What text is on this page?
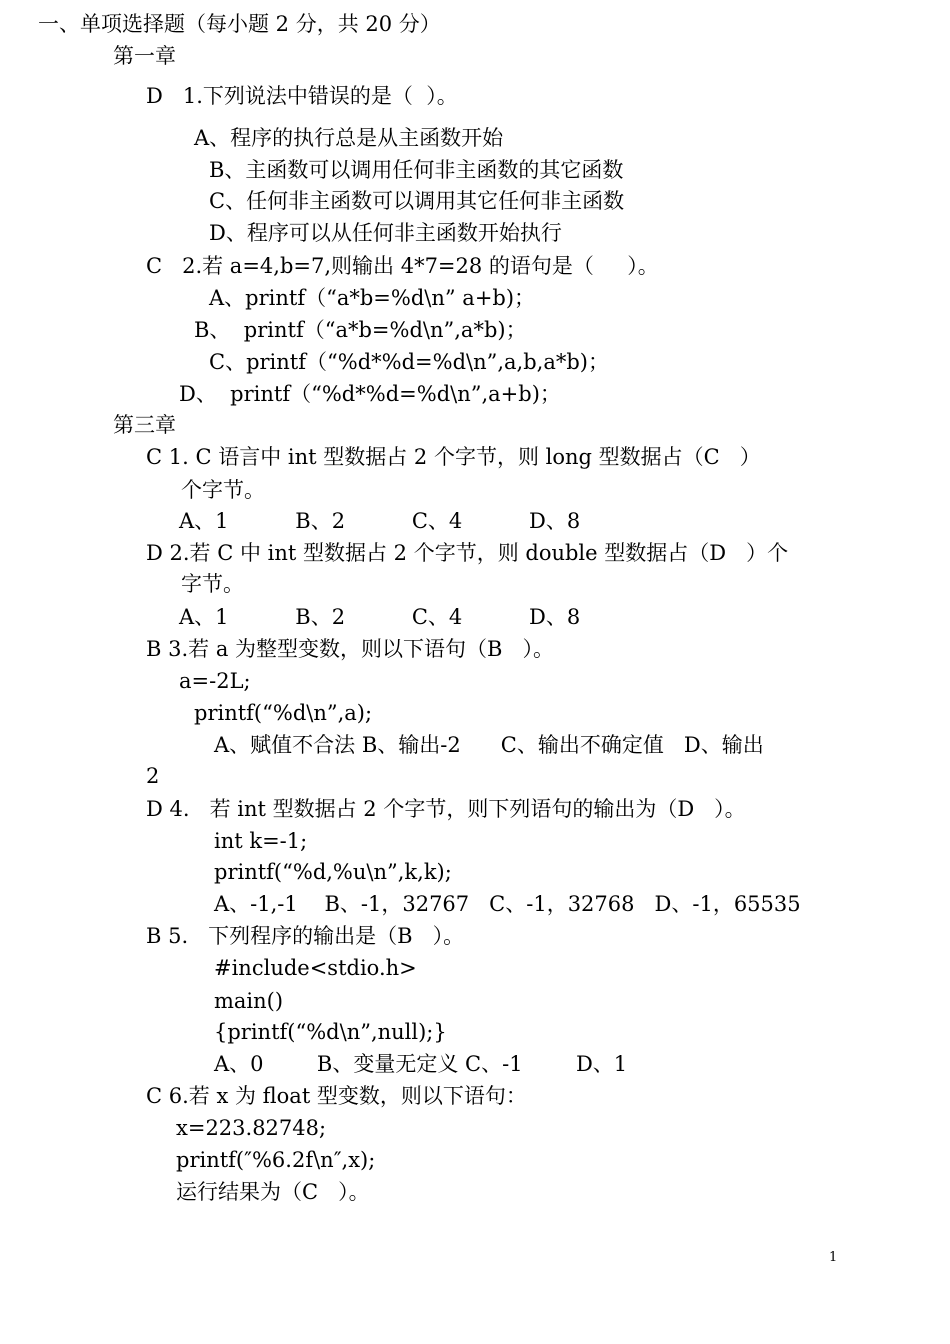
一、单项选择题（每小题 2 分，共 20 分）
第一章
D   1.下列说法中错误的是（  ）。
A、程序的执行总是从主函数开始
B、主函数可以调用任何非主函数的其它函数
C、任何非主函数可以调用其它任何非主函数
D、程序可以从任何非主函数开始执行
C   2.若 a=4,b=7,则输出 4*7=28 的语句是（     ）。
A、printf（“a*b=%d\n” a+b)；
B、  printf（“a*b=%d\n”,a*b)；
C、printf（“%d*%d=%d\n”,a,b,a*b)；
D、  printf（“%d*%d=%d\n”,a+b)；
第三章
C 1. C 语言中 int 型数据占 2 个字节，则 long 型数据占（C   ）
个字节。
A、1          B、2          C、4          D、8
D 2.若 C 中 int 型数据占 2 个字节，则 double 型数据占（D   ）个
字节。
A、1          B、2          C、4          D、8
B 3.若 a 为整型变数，则以下语句（B   ）。
a=-2L;
printf(“%d\n”,a);
A、赋值不合法 B、输出-2      C、输出不确定值   D、输出
2
D 4.   若 int 型数据占 2 个字节，则下列语句的输出为（D   ）。
int k=-1;
printf(“%d,%u\n”,k,k);
A、-1,-1    B、-1，32767   C、-1，32768   D、-1，65535
B 5.   下列程序的输出是（B   ）。
#include<stdio.h>
main()
{printf(“%d\n”,null);}
A、0        B、变量无定义 C、-1        D、1
C 6.若 x 为 float 型变数，则以下语句：
x=223.82748;
printf(″%6.2f\n″,x);
运行结果为（C   ）。
1
